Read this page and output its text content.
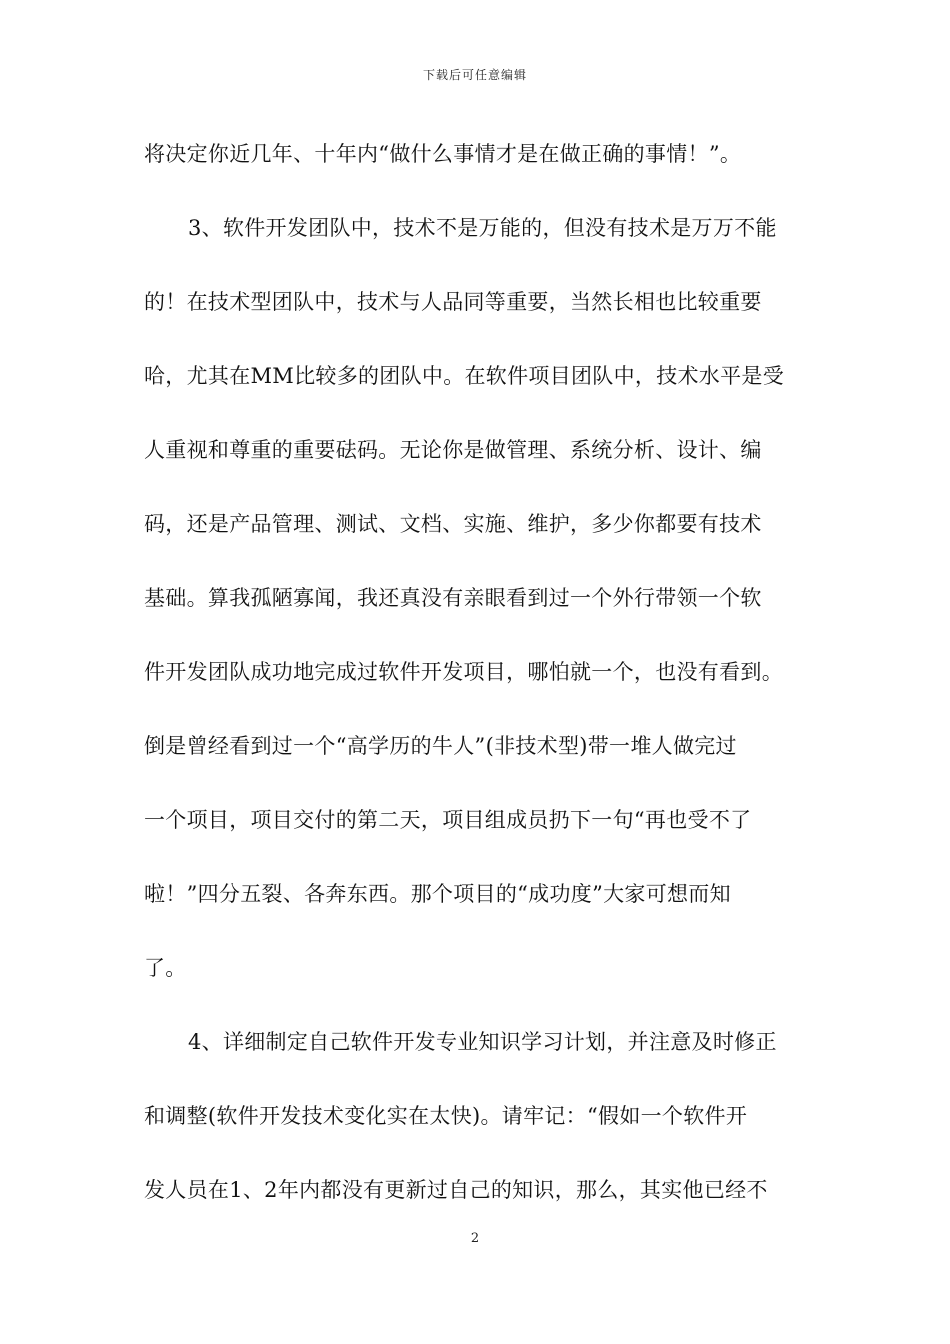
下载后可任意编辑
将决定你近几年、十年内“做什么事情才是在做正确的事情！”。
3、软件开发团队中，技术不是万能的，但没有技术是万万不能
的！在技术型团队中，技术与人品同等重要，当然长相也比较重要
哈，尤其在MM比较多的团队中。在软件项目团队中，技术水平是受
人重视和尊重的重要砝码。无论你是做管理、系统分析、设计、编
码，还是产品管理、测试、文档、实施、维护，多少你都要有技术
基础。算我孤陋寡闻，我还真没有亲眼看到过一个外行带领一个软
件开发团队成功地完成过软件开发项目，哪怕就一个，也没有看到。
倒是曾经看到过一个“高学历的牛人”(非技术型)带一堆人做完过
一个项目，项目交付的第二天，项目组成员扔下一句“再也受不了
啦！”四分五裂、各奔东西。那个项目的“成功度”大家可想而知
了。
4、详细制定自己软件开发专业知识学习计划，并注意及时修正
和调整(软件开发技术变化实在太快)。请牢记：“假如一个软件开
发人员在1、2年内都没有更新过自己的知识，那么，其实他已经不
2
